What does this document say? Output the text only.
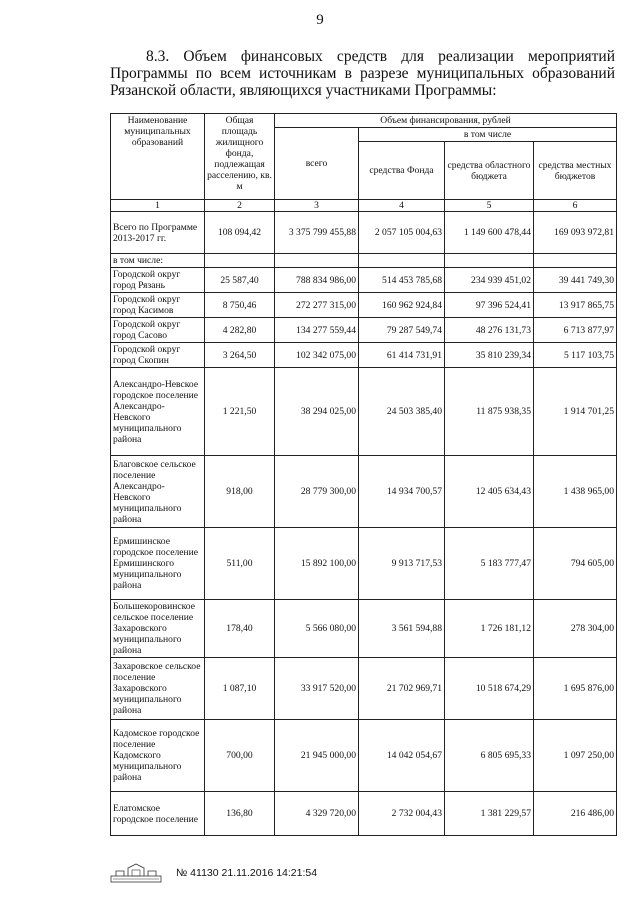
9
8.3. Объем финансовых средств для реализации мероприятий Программы по всем источникам в разрезе муниципальных образований Рязанской области, являющихся участниками Программы:
Наименование муниципальных образований	Общая площадь жилищного фонда, подлежащая расселению, кв. м	Объем финансирования, рублей			
		всего	в том числе		
			средства Фонда	средства областного бюджета	средства местных бюджетов
1	2	3	4	5	6
Всего по Программе 2013-2017 гг.	108 094,42	3 375 799 455,88	2 057 105 004,63	1 149 600 478,44	169 093 972,81
в том числе:					
Городской округ город Рязань	25 587,40	788 834 986,00	514 453 785,68	234 939 451,02	39 441 749,30
Городской округ город Касимов	8 750,46	272 277 315,00	160 962 924,84	97 396 524,41	13 917 865,75
Городской округ город Сасово	4 282,80	134 277 559,44	79 287 549,74	48 276 131,73	6 713 877,97
Городской округ город Скопин	3 264,50	102 342 075,00	61 414 731,91	35 810 239,34	5 117 103,75
Александро-Невское городское поселение Александро-Невского муниципального района	1 221,50	38 294 025,00	24 503 385,40	11 875 938,35	1 914 701,25
Благовское сельское поселение Александро-Невского муниципального района	918,00	28 779 300,00	14 934 700,57	12 405 634,43	1 438 965,00
Ермишинское городское поселение Ермишинского муниципального района	511,00	15 892 100,00	9 913 717,53	5 183 777,47	794 605,00
Большекоровинское сельское поселение Захаровского муниципального района	178,40	5 566 080,00	3 561 594,88	1 726 181,12	278 304,00
Захаровское сельское поселение Захаровского муниципального района	1 087,10	33 917 520,00	21 702 969,71	10 518 674,29	1 695 876,00
Кадомское городское поселение Кадомского муниципального района	700,00	21 945 000,00	14 042 054,67	6 805 695,33	1 097 250,00
Елатомское городское поселение	136,80	4 329 720,00	2 732 004,43	1 381 229,57	216 486,00
№ 41130 21.11.2016 14:21:54
